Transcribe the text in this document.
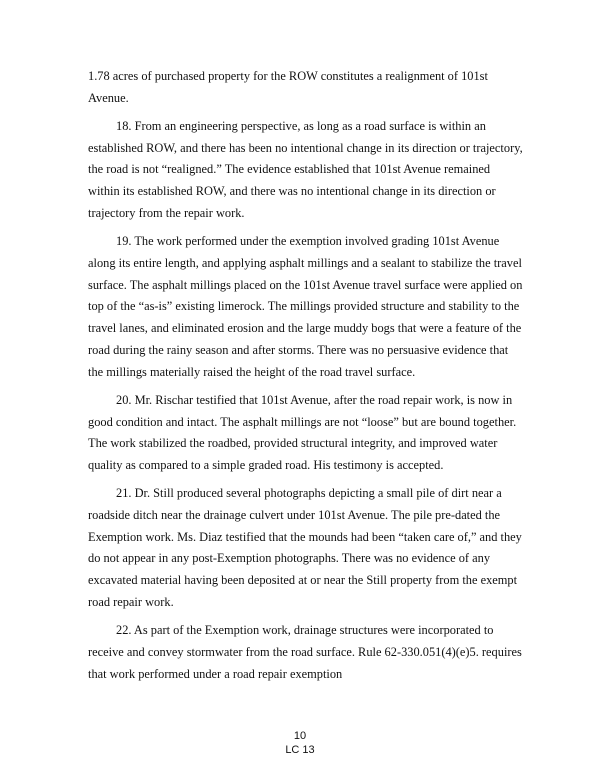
1.78 acres of purchased property for the ROW constitutes a realignment of 101st Avenue.

18. From an engineering perspective, as long as a road surface is within an established ROW, and there has been no intentional change in its direction or trajectory, the road is not “realigned.” The evidence established that 101st Avenue remained within its established ROW, and there was no intentional change in its direction or trajectory from the repair work.

19. The work performed under the exemption involved grading 101st Avenue along its entire length, and applying asphalt millings and a sealant to stabilize the travel surface. The asphalt millings placed on the 101st Avenue travel surface were applied on top of the “as-is” existing limerock. The millings provided structure and stability to the travel lanes, and eliminated erosion and the large muddy bogs that were a feature of the road during the rainy season and after storms. There was no persuasive evidence that the millings materially raised the height of the road travel surface.

20. Mr. Rischar testified that 101st Avenue, after the road repair work, is now in good condition and intact. The asphalt millings are not “loose” but are bound together. The work stabilized the roadbed, provided structural integrity, and improved water quality as compared to a simple graded road. His testimony is accepted.

21. Dr. Still produced several photographs depicting a small pile of dirt near a roadside ditch near the drainage culvert under 101st Avenue. The pile pre-dated the Exemption work. Ms. Diaz testified that the mounds had been “taken care of,” and they do not appear in any post-Exemption photographs. There was no evidence of any excavated material having been deposited at or near the Still property from the exempt road repair work.

22. As part of the Exemption work, drainage structures were incorporated to receive and convey stormwater from the road surface. Rule 62-330.051(4)(e)5. requires that work performed under a road repair exemption

10
LC 13
